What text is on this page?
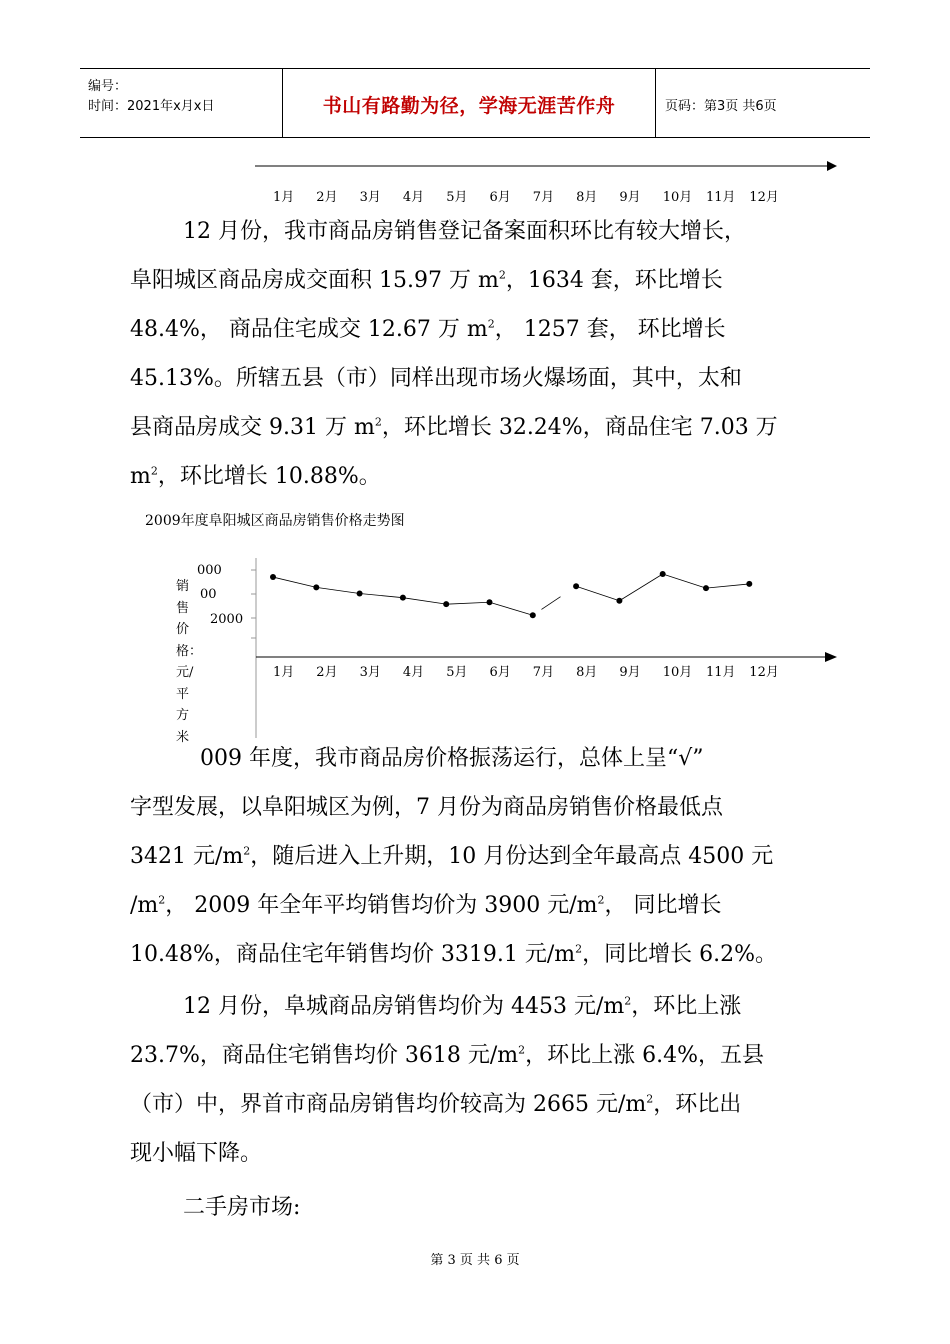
编号：
时间：2021年x月x日	书山有路勤为径，学海无涯苦作舟	页码：第3页 共6页
1月 2月 3月 4月 5月 6月 7月 8月 9月 10月 11月 12月
12 月份，我市商品房销售登记备案面积环比有较大增长，
阜阳城区商品房成交面积 15.97 万 $m^2$，1634 套，环比增长
48.4%， 商品住宅成交 12.67 万 $m^2$， 1257 套， 环比增长
45.13%。所辖五县（市）同样出现市场火爆场面，其中，太和
县商品房成交 9.31 万 $m^2$，环比增长 32.24%，商品住宅 7.03 万
$m^2$，环比增长 10.88%。
2009年度阜阳城区商品房销售价格走势图
000
00
2000
销
售
价
格：
元/
平
方
米
1月 2月 3月 4月 5月 6月 7月 8月 9月 10月 11月 12月
009 年度，我市商品房价格振荡运行，总体上呈“√”
字型发展，以阜阳城区为例，7 月份为商品房销售价格最低点
3421 元$/m^2$，随后进入上升期，10 月份达到全年最高点 4500 元
$/m^2$， 2009 年全年平均销售均价为 3900 元$/m^2$， 同比增长
10.48%，商品住宅年销售均价 3319.1 元$/m^2$，同比增长 6.2%。
12 月份，阜城商品房销售均价为 4453 元$/m^2$，环比上涨
23.7%，商品住宅销售均价 3618 元$/m^2$，环比上涨 6.4%，五县
（市）中，界首市商品房销售均价较高为 2665 元$/m^2$，环比出
现小幅下降。
二手房市场:
第 3 页 共 6 页
